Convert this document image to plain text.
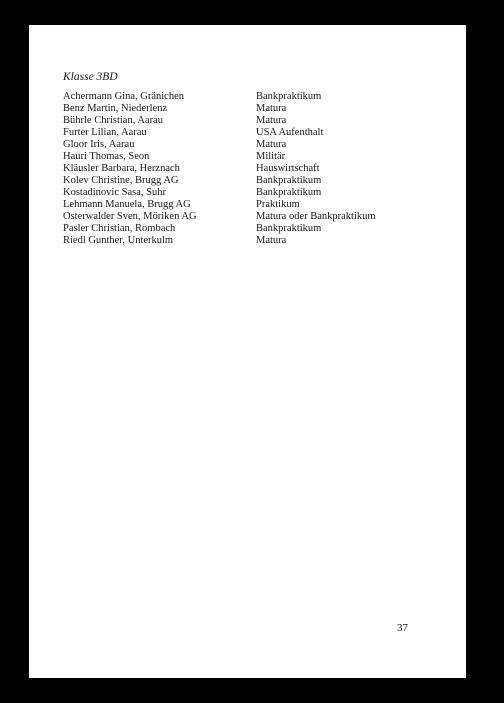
Klasse 3BD
Achermann Gina, Gränichen	Bankpraktikum
Benz Martin, Niederlenz	Matura
Bührle Christian, Aarau	Matura
Furter Lilian, Aarau	USA Aufenthalt
Gloor Iris, Aarau	Matura
Hauri Thomas, Seon	Militär
Kläusler Barbara, Herznach	Hauswirtschaft
Kolev Christine, Brugg AG	Bankpraktikum
Kostadinovic Sasa, Suhr	Bankpraktikum
Lehmann Manuela, Brugg AG	Praktikum
Osterwalder Sven, Möriken AG	Matura oder Bankpraktikum
Pasler Christian, Rombach	Bankpraktikum
Riedl Gunther, Unterkulm	Matura
37
